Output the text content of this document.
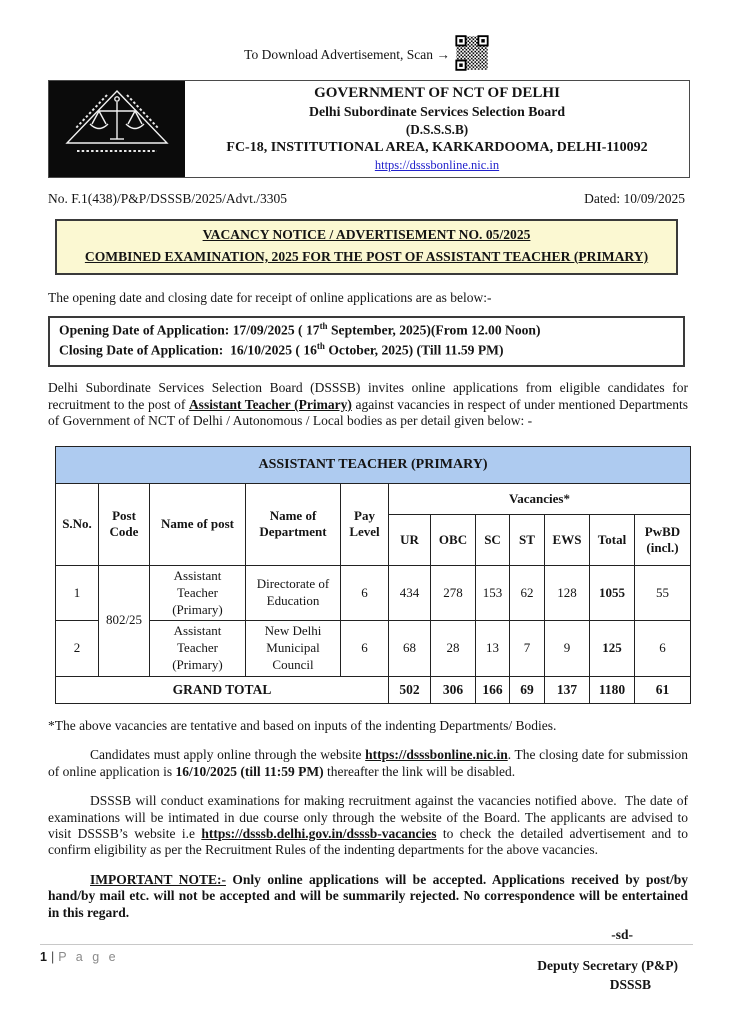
To Download Advertisement, Scan →
GOVERNMENT OF NCT OF DELHI
Delhi Subordinate Services Selection Board
(D.S.S.S.B)
FC-18, INSTITUTIONAL AREA, KARKARDOOMA, DELHI-110092
https://dsssbonline.nic.in
No. F.1(438)/P&P/DSSSB/2025/Advt./3305	Dated: 10/09/2025
VACANCY NOTICE / ADVERTISEMENT NO. 05/2025
COMBINED EXAMINATION, 2025 FOR THE POST OF ASSISTANT TEACHER (PRIMARY)

The opening date and closing date for receipt of online applications are as below:-

Opening Date of Application: 17/09/2025 ( 17th September, 2025)(From 12.00 Noon)
Closing Date of Application:  16/10/2025 ( 16th October, 2025) (Till 11.59 PM)

Delhi Subordinate Services Selection Board (DSSSB) invites online applications from eligible candidates for recruitment to the post of Assistant Teacher (Primary) against vacancies in respect of under mentioned Departments of Government of NCT of Delhi / Autonomous / Local bodies as per detail given below: -

ASSISTANT TEACHER (PRIMARY)											
S.No.	Post Code	Name of post	Name of Department	Pay Level	Vacancies*						
					UR	OBC	SC	ST	EWS	Total	PwBD
(incl.)

1	802/25	Assistant Teacher (Primary)	Directorate of Education	6	434	278	153	62	128	1055	55
2		Assistant Teacher (Primary)	New Delhi Municipal Council	6	68	28	13	7	9	125	6
GRAND TOTAL					502	306	166	69	137	1180	61

*The above vacancies are tentative and based on inputs of the indenting Departments/ Bodies.

Candidates must apply online through the website https://dsssbonline.nic.in. The closing date for submission of online application is 16/10/2025 (till 11:59 PM) thereafter the link will be disabled.

DSSSB will conduct examinations for making recruitment against the vacancies notified above.  The date of examinations will be intimated in due course only through the website of the Board. The applicants are advised to visit DSSSB’s website i.e https://dsssb.delhi.gov.in/dsssb-vacancies to check the detailed advertisement and to confirm eligibility as per the Recruitment Rules of the indenting departments for the above vacancies.

IMPORTANT NOTE:- Only online applications will be accepted. Applications received by post/by hand/by mail etc. will not be accepted and will be summarily rejected. No correspondence will be entertained in this regard.

-sd-
Deputy Secretary (P&P)
DSSSB
1 | P a g e
